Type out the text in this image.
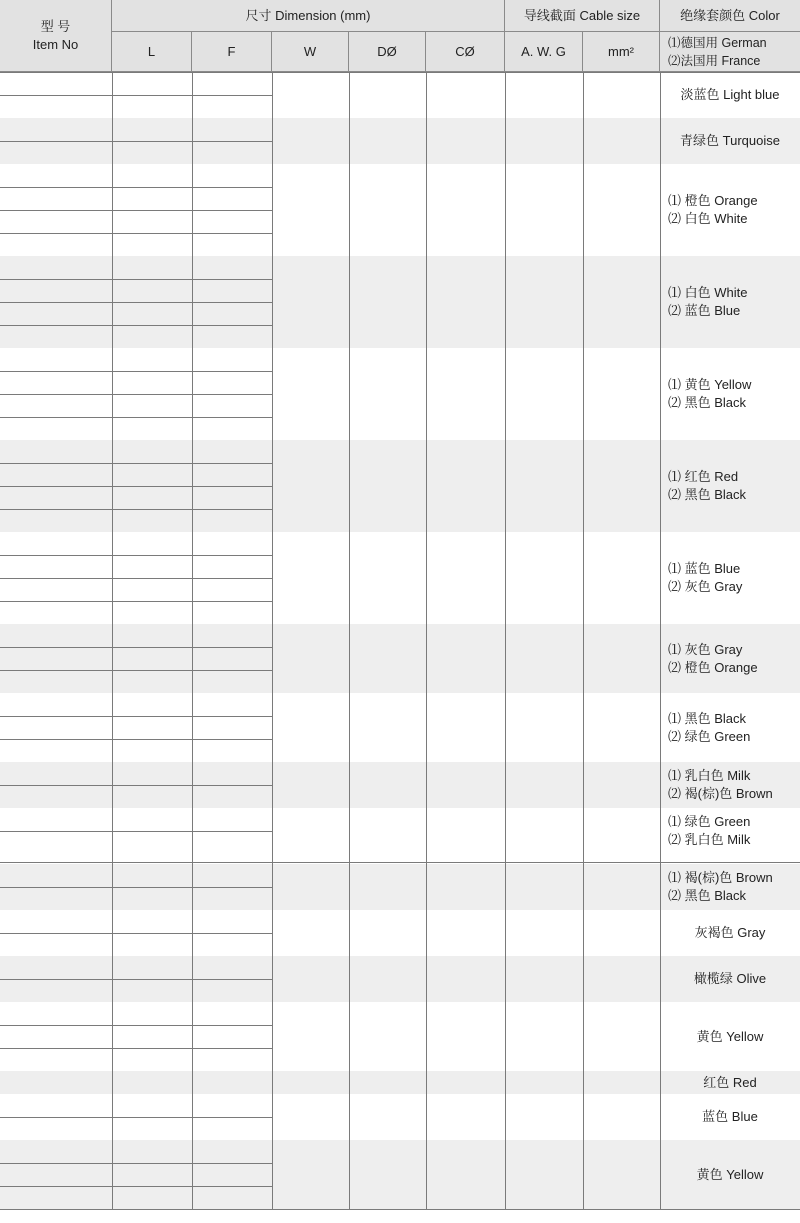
型 号
Item No
尺寸 Dimension (mm)	导线截面 Cable size	绝缘套颜色 Color
L	F	W	DØ	CØ	A. W. G	mm²
⑴德国用 German
⑵法国用 France
淡蓝色 Light blue
青绿色 Turquoise
⑴ 橙色 Orange
⑵ 白色 White
⑴ 白色 White
⑵ 蓝色 Blue
⑴ 黄色 Yellow
⑵ 黑色 Black
⑴ 红色 Red
⑵ 黑色 Black
⑴ 蓝色 Blue
⑵ 灰色 Gray
⑴ 灰色 Gray
⑵ 橙色 Orange
⑴ 黑色 Black
⑵ 绿色 Green
⑴ 乳白色 Milk
⑵ 褐(棕)色 Brown
⑴ 绿色 Green
⑵ 乳白色 Milk
⑴ 褐(棕)色 Brown
⑵ 黑色 Black
灰褐色 Gray
橄榄绿 Olive
黄色 Yellow
红色 Red
蓝色 Blue
黄色 Yellow
